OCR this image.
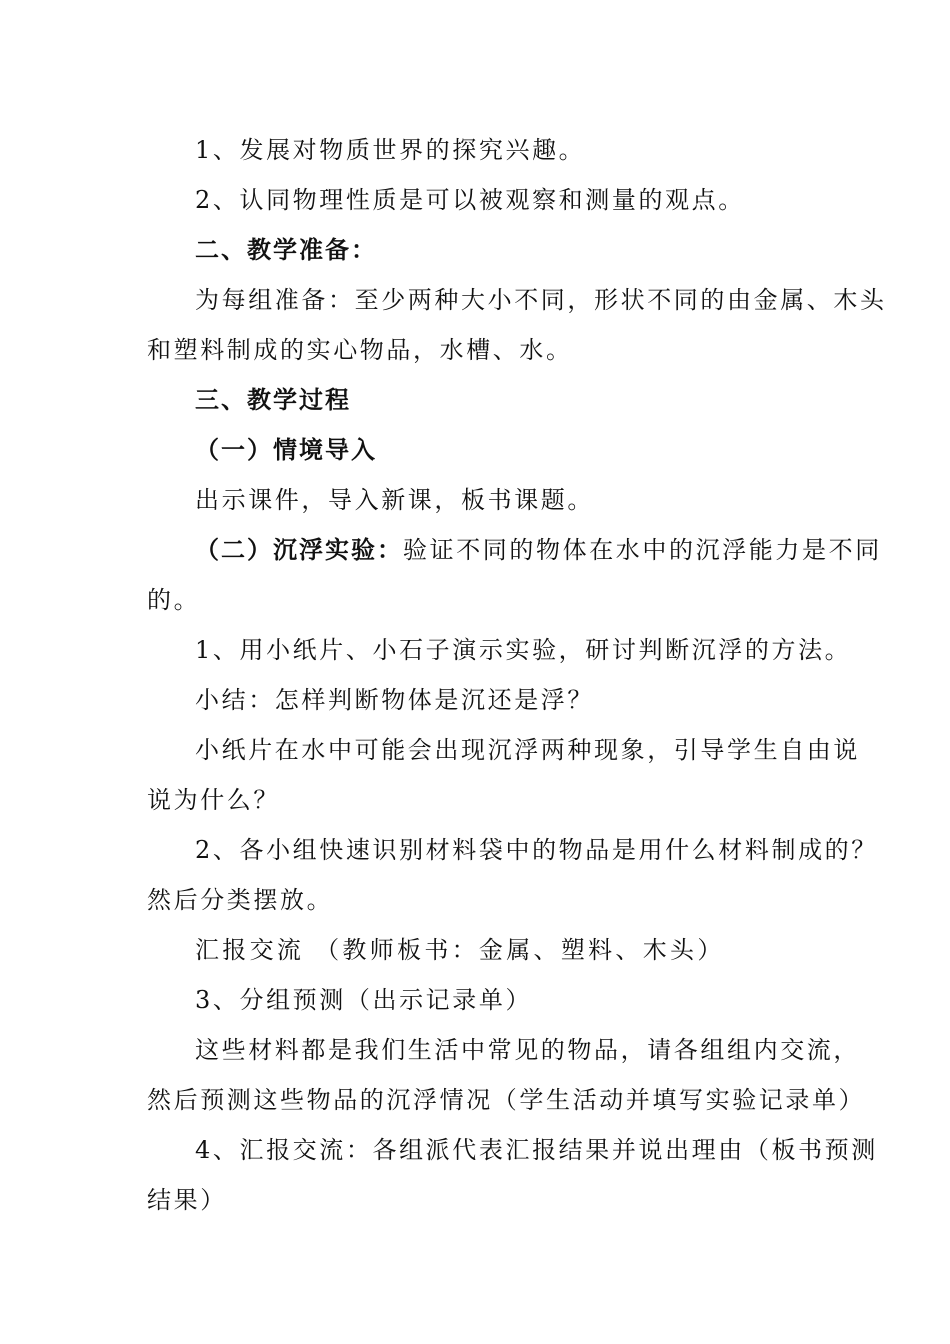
1、发展对物质世界的探究兴趣。
2、认同物理性质是可以被观察和测量的观点。
二、教学准备：
为每组准备：至少两种大小不同，形状不同的由金属、木头
和塑料制成的实心物品，水槽、水。
三、教学过程
（一）情境导入
出示课件，导入新课，板书课题。
（二）沉浮实验：验证不同的物体在水中的沉浮能力是不同
的。
1、用小纸片、小石子演示实验，研讨判断沉浮的方法。
小结：怎样判断物体是沉还是浮？
小纸片在水中可能会出现沉浮两种现象，引导学生自由说
说为什么？
2、各小组快速识别材料袋中的物品是用什么材料制成的？
然后分类摆放。
汇报交流 （教师板书：金属、塑料、木头）
3、分组预测（出示记录单）
这些材料都是我们生活中常见的物品，请各组组内交流，
然后预测这些物品的沉浮情况（学生活动并填写实验记录单）
4、汇报交流：各组派代表汇报结果并说出理由（板书预测
结果）
